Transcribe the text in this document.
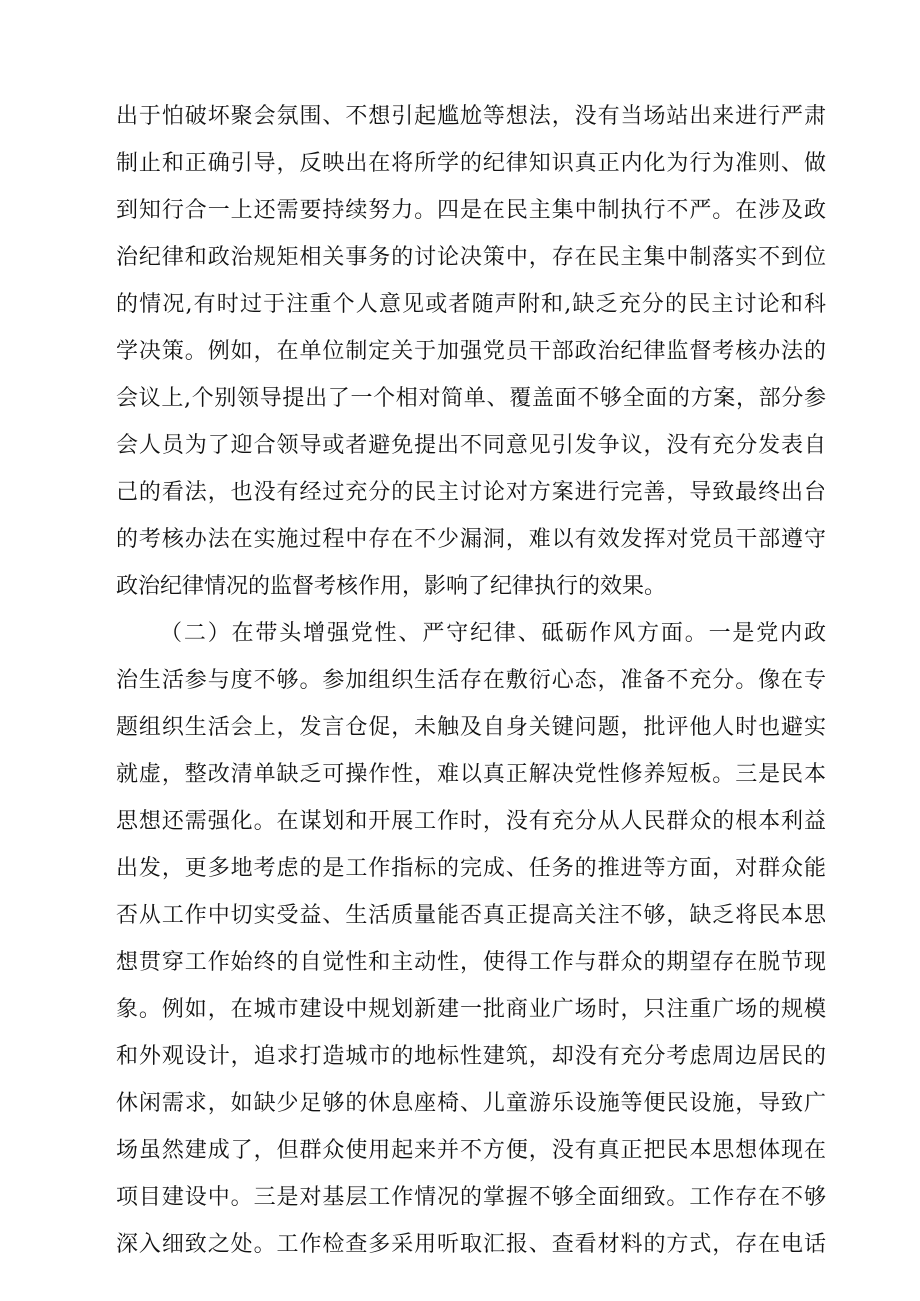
出于怕破坏聚会氛围、不想引起尴尬等想法，没有当场站出来进行严肃
制止和正确引导，反映出在将所学的纪律知识真正内化为行为准则、做
到知行合一上还需要持续努力。四是在民主集中制执行不严。在涉及政
治纪律和政治规矩相关事务的讨论决策中，存在民主集中制落实不到位
的情况,有时过于注重个人意见或者随声附和,缺乏充分的民主讨论和科
学决策。例如，在单位制定关于加强党员干部政治纪律监督考核办法的
会议上,个别领导提出了一个相对简单、覆盖面不够全面的方案，部分参
会人员为了迎合领导或者避免提出不同意见引发争议，没有充分发表自
己的看法，也没有经过充分的民主讨论对方案进行完善，导致最终出台
的考核办法在实施过程中存在不少漏洞，难以有效发挥对党员干部遵守
政治纪律情况的监督考核作用，影响了纪律执行的效果。
（二）在带头增强党性、严守纪律、砥砺作风方面。一是党内政
治生活参与度不够。参加组织生活存在敷衍心态，准备不充分。像在专
题组织生活会上，发言仓促，未触及自身关键问题，批评他人时也避实
就虚，整改清单缺乏可操作性，难以真正解决党性修养短板。三是民本
思想还需强化。在谋划和开展工作时，没有充分从人民群众的根本利益
出发，更多地考虑的是工作指标的完成、任务的推进等方面，对群众能
否从工作中切实受益、生活质量能否真正提高关注不够，缺乏将民本思
想贯穿工作始终的自觉性和主动性，使得工作与群众的期望存在脱节现
象。例如，在城市建设中规划新建一批商业广场时，只注重广场的规模
和外观设计，追求打造城市的地标性建筑，却没有充分考虑周边居民的
休闲需求，如缺少足够的休息座椅、儿童游乐设施等便民设施，导致广
场虽然建成了，但群众使用起来并不方便，没有真正把民本思想体现在
项目建设中。三是对基层工作情况的掌握不够全面细致。工作存在不够
深入细致之处。工作检查多采用听取汇报、查看材料的方式，存在电话
